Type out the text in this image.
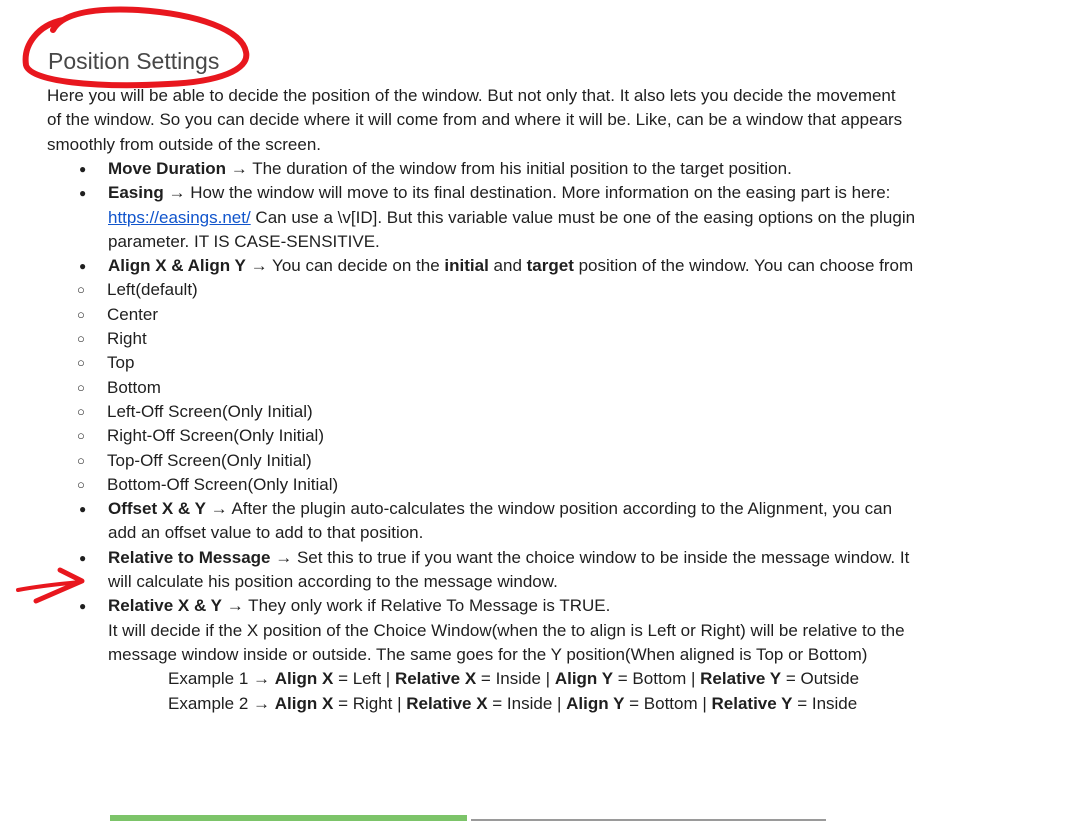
Position Settings

Here you will be able to decide the position of the window. But not only that. It also lets you decide the movement of the window. So you can decide where it will come from and where it will be. Like, can be a window that appears smoothly from outside of the screen.

● Move Duration → The duration of the window from his initial position to the target position.
● Easing → How the window will move to its final destination. More information on the easing part is here: https://easings.net/ Can use a \v[ID]. But this variable value must be one of the easing options on the plugin parameter. IT IS CASE-SENSITIVE.
● Align X & Align Y → You can decide on the initial and target position of the window. You can choose from
○ Left(default)
○ Center
○ Right
○ Top
○ Bottom
○ Left-Off Screen(Only Initial)
○ Right-Off Screen(Only Initial)
○ Top-Off Screen(Only Initial)
○ Bottom-Off Screen(Only Initial)
● Offset X & Y → After the plugin auto-calculates the window position according to the Alignment, you can add an offset value to add to that position.
● Relative to Message → Set this to true if you want the choice window to be inside the message window. It will calculate his position according to the message window.
● Relative X & Y → They only work if Relative To Message is TRUE.
It will decide if the X position of the Choice Window(when the to align is Left or Right) will be relative to the message window inside or outside. The same goes for the Y position(When aligned is Top or Bottom)
Example 1 → Align X = Left | Relative X = Inside | Align Y = Bottom | Relative Y = Outside
Example 2 → Align X = Right | Relative X = Inside | Align Y = Bottom | Relative Y = Inside
